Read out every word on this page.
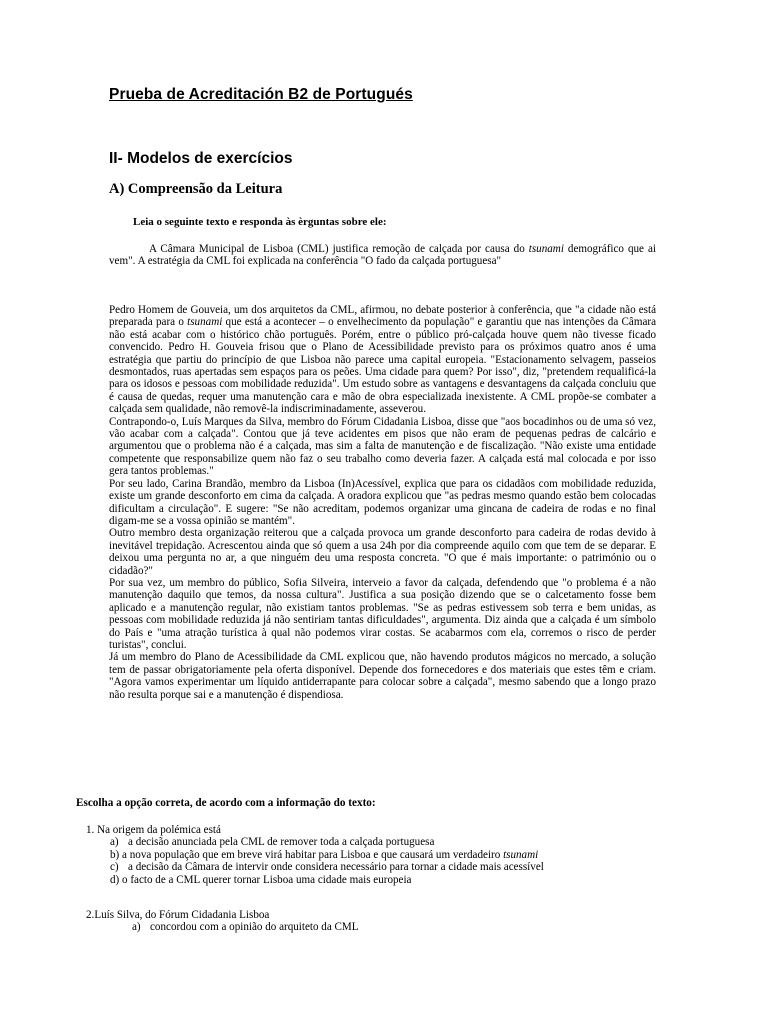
Prueba de Acreditación B2 de Portugués
II- Modelos de exercícios
A) Compreensão da Leitura
Leia o seguinte texto e responda às èrguntas sobre ele:
A Câmara Municipal de Lisboa (CML) justifica remoção de calçada por causa do tsunami demográfico que ai vem". A estratégia da CML foi explicada na conferência "O fado da calçada portuguesa"

Pedro Homem de Gouveia, um dos arquitetos da CML, afirmou, no debate posterior à conferência, que "a cidade não está preparada para o tsunami que está a acontecer – o envelhecimento da população" e garantiu que nas intenções da Câmara não está acabar com o histórico chão português. Porém, entre o público pró-calçada houve quem não tivesse ficado convencido. Pedro H. Gouveia frisou que o Plano de Acessibilidade previsto para os próximos quatro anos é uma estratégia que partiu do princípio de que Lisboa não parece uma capital europeia. "Estacionamento selvagem, passeios desmontados, ruas apertadas sem espaços para os peões. Uma cidade para quem? Por isso", diz, "pretendem requalificá-la para os idosos e pessoas com mobilidade reduzida". Um estudo sobre as vantagens e desvantagens da calçada concluiu que é causa de quedas, requer uma manutenção cara e mão de obra especializada inexistente. A CML propõe-se combater a calçada sem qualidade, não removê-la indiscriminadamente, asseverou.

Contrapondo-o, Luís Marques da Silva, membro do Fórum Cidadania Lisboa, disse que "aos bocadinhos ou de uma só vez, vão acabar com a calçada". Contou que já teve acidentes em pisos que não eram de pequenas pedras de calcário e argumentou que o problema não é a calçada, mas sim a falta de manutenção e de fiscalização. "Não existe uma entidade competente que responsabilize quem não faz o seu trabalho como deveria fazer. A calçada está mal colocada e por isso gera tantos problemas."

Por seu lado, Carina Brandão, membro da Lisboa (In)Acessível, explica que para os cidadãos com mobilidade reduzida, existe um grande desconforto em cima da calçada. A oradora explicou que "as pedras mesmo quando estão bem colocadas dificultam a circulação". E sugere: "Se não acreditam, podemos organizar uma gincana de cadeira de rodas e no final digam-me se a vossa opinião se mantém".

Outro membro desta organização reiterou que a calçada provoca um grande desconforto para cadeira de rodas devido à inevitável trepidação. Acrescentou ainda que só quem a usa 24h por dia compreende aquilo com que tem de se deparar. E deixou uma pergunta no ar, a que ninguém deu uma resposta concreta. "O que é mais importante: o património ou o cidadão?"

Por sua vez, um membro do público, Sofia Silveira, interveio a favor da calçada, defendendo que "o problema é a não manutenção daquilo que temos, da nossa cultura". Justifica a sua posição dizendo que se o calcetamento fosse bem aplicado e a manutenção regular, não existiam tantos problemas. "Se as pedras estivessem sob terra e bem unidas, as pessoas com mobilidade reduzida já não sentiriam tantas dificuldades", argumenta. Diz ainda que a calçada é um símbolo do País e "uma atração turística à qual não podemos virar costas. Se acabarmos com ela, corremos o risco de perder turistas", conclui.

Já um membro do Plano de Acessibilidade da CML explicou que, não havendo produtos mágicos no mercado, a solução tem de passar obrigatoriamente pela oferta disponível. Depende dos fornecedores e dos materiais que estes têm e criam. "Agora vamos experimentar um líquido antiderrapante para colocar sobre a calçada", mesmo sabendo que a longo prazo não resulta porque sai e a manutenção é dispendiosa.

Escolha a opção correta, de acordo com a informação do texto:
1. Na origem da polémica está
a) a decisão anunciada pela CML de remover toda a calçada portuguesa
b) a nova população que em breve virá habitar para Lisboa e que causará um verdadeiro tsunami
c) a decisão da Câmara de intervir onde considera necessário para tornar a cidade mais acessível
d) o facto de a CML querer tornar Lisboa uma cidade mais europeia
2.Luís Silva, do Fórum Cidadania Lisboa
a) concordou com a opinião do arquiteto da CML
